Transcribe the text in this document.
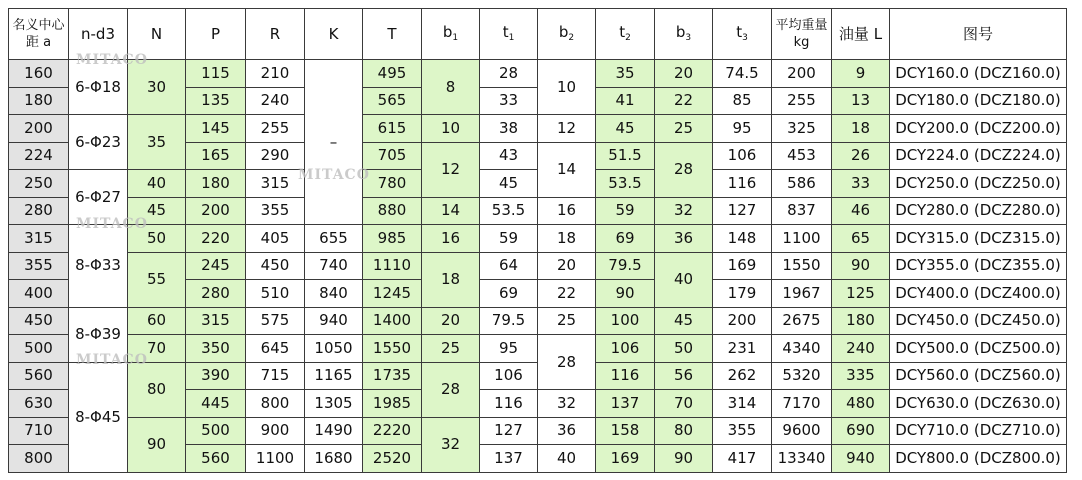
名义中心距 a	n-d3	N	P	R	K	T	$b_1$	$t_1$	$b_2$	$t_2$	$b_3$	$t_3$	平均重量 kg	油量 L	图号
160	6-Φ18	30	115	210	–	495	8	28	10	35	20	74.5	200	9	DCY160.0 (DCZ160.0)
180			135	240		565		33		41	22	85	255	13	DCY180.0 (DCZ180.0)
200	6-Φ23	35	145	255		615	10	38	12	45	25	95	325	18	DCY200.0 (DCZ200.0)
224			165	290		705	12	43	14	51.5	28	106	453	26	DCY224.0 (DCZ224.0)
250	6-Φ27	40	180	315		780		45		53.5		116	586	33	DCY250.0 (DCZ250.0)
280		45	200	355		880	14	53.5	16	59	32	127	837	46	DCY280.0 (DCZ280.0)
315	8-Φ33	50	220	405	655	985	16	59	18	69	36	148	1100	65	DCY315.0 (DCZ315.0)
355		55	245	450	740	1110	18	64	20	79.5	40	169	1550	90	DCY355.0 (DCZ355.0)
400			280	510	840	1245		69	22	90		179	1967	125	DCY400.0 (DCZ400.0)
450	8-Φ39	60	315	575	940	1400	20	79.5	25	100	45	200	2675	180	DCY450.0 (DCZ450.0)
500		70	350	645	1050	1550	25	95	28	106	50	231	4340	240	DCY500.0 (DCZ500.0)
560	8-Φ45	80	390	715	1165	1735	28	106		116	56	262	5320	335	DCY560.0 (DCZ560.0)
630			445	800	1305	1985		116	32	137	70	314	7170	480	DCY630.0 (DCZ630.0)
710		90	500	900	1490	2220	32	127	36	158	80	355	9600	690	DCY710.0 (DCZ710.0)
800			560	1100	1680	2520		137	40	169	90	417	13340	940	DCY800.0 (DCZ800.0)
MITACO
MITACO
MITACO
MITACO
